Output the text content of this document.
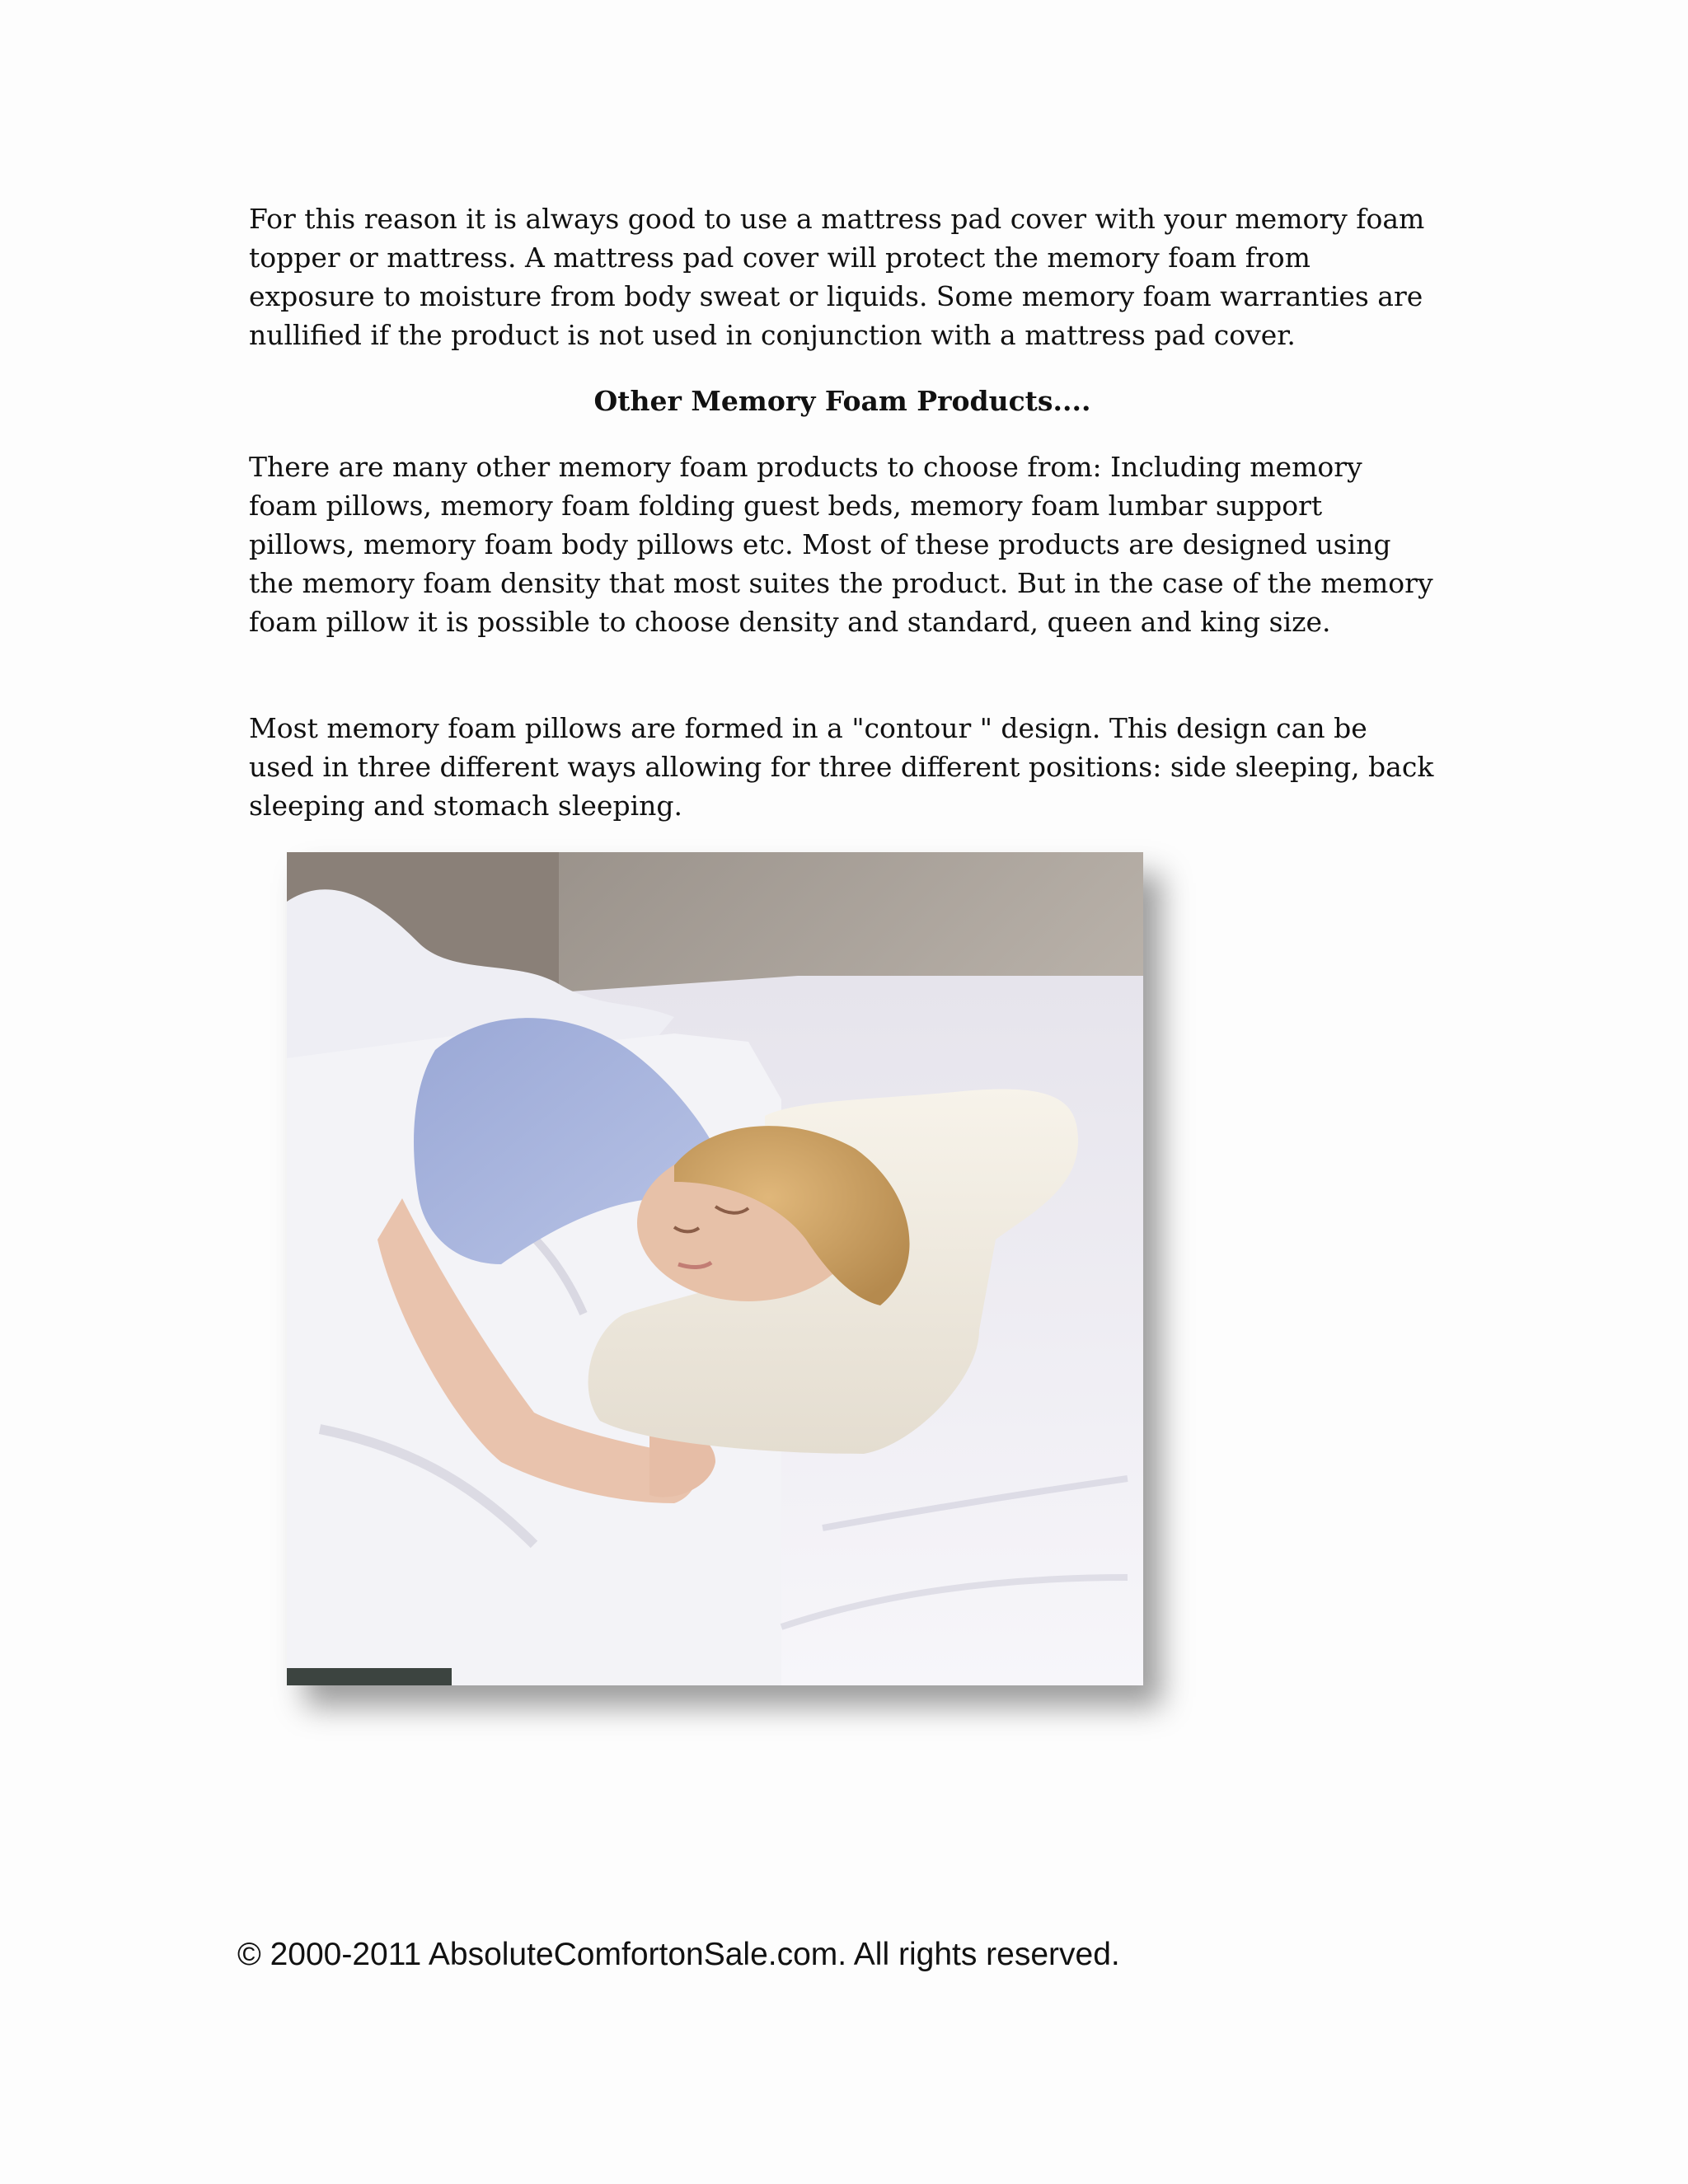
For this reason it is always good to use a mattress pad cover with your memory foam topper or mattress. A mattress pad cover will protect the memory foam from exposure to moisture from body sweat or liquids. Some memory foam warranties are nullified if the product is not used in conjunction with a mattress pad cover.

Other Memory Foam Products....

There are many other memory foam products to choose from: Including memory foam pillows, memory foam folding guest beds, memory foam lumbar support pillows, memory foam body pillows etc. Most of these products are designed using the memory foam density that most suites the product. But in the case of the memory foam pillow it is possible to choose density and standard, queen and king size.

Most memory foam pillows are formed in a "contour " design. This design can be used in three different ways allowing for three different positions: side sleeping, back sleeping and stomach sleeping.

© 2000-2011 AbsoluteComfortonSale.com. All rights reserved.
